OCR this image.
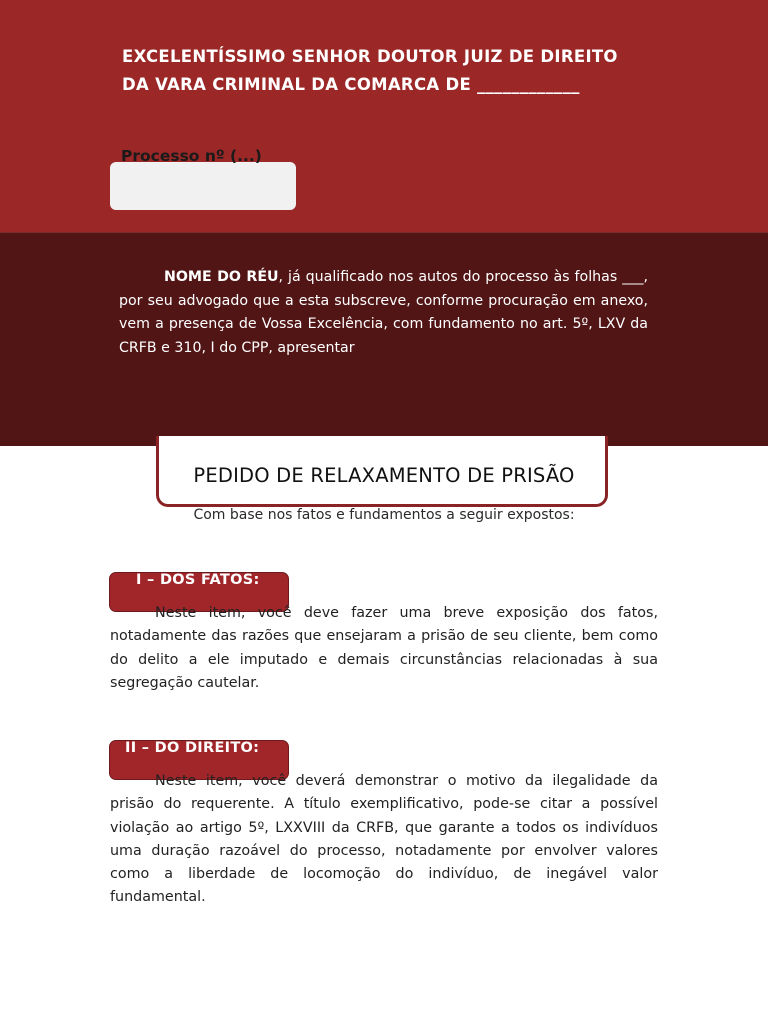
EXCELENTÍSSIMO SENHOR DOUTOR JUIZ DE DIREITO
DA VARA CRIMINAL DA COMARCA DE ____________
Processo nº (...)

NOME DO RÉU, já qualificado nos autos do processo às folhas ___, por seu advogado que a esta subscreve, conforme procuração em anexo, vem a presença de Vossa Excelência, com fundamento no art. 5º, LXV da CRFB e 310, I do CPP, apresentar

PEDIDO DE RELAXAMENTO DE PRISÃO
Com base nos fatos e fundamentos a seguir expostos:
I – DOS FATOS:

Neste item, você deve fazer uma breve exposição dos fatos, notadamente das razões que ensejaram a prisão de seu cliente, bem como do delito a ele imputado e demais circunstâncias relacionadas à sua segregação cautelar.

II – DO DIREITO:

Neste item, você deverá demonstrar o motivo da ilegalidade da prisão do requerente. A título exemplificativo, pode-se citar a possível violação ao artigo 5º, LXXVIII da CRFB, que garante a todos os indivíduos uma duração razoável do processo, notadamente por envolver valores como a liberdade de locomoção do indivíduo, de inegável valor fundamental.
